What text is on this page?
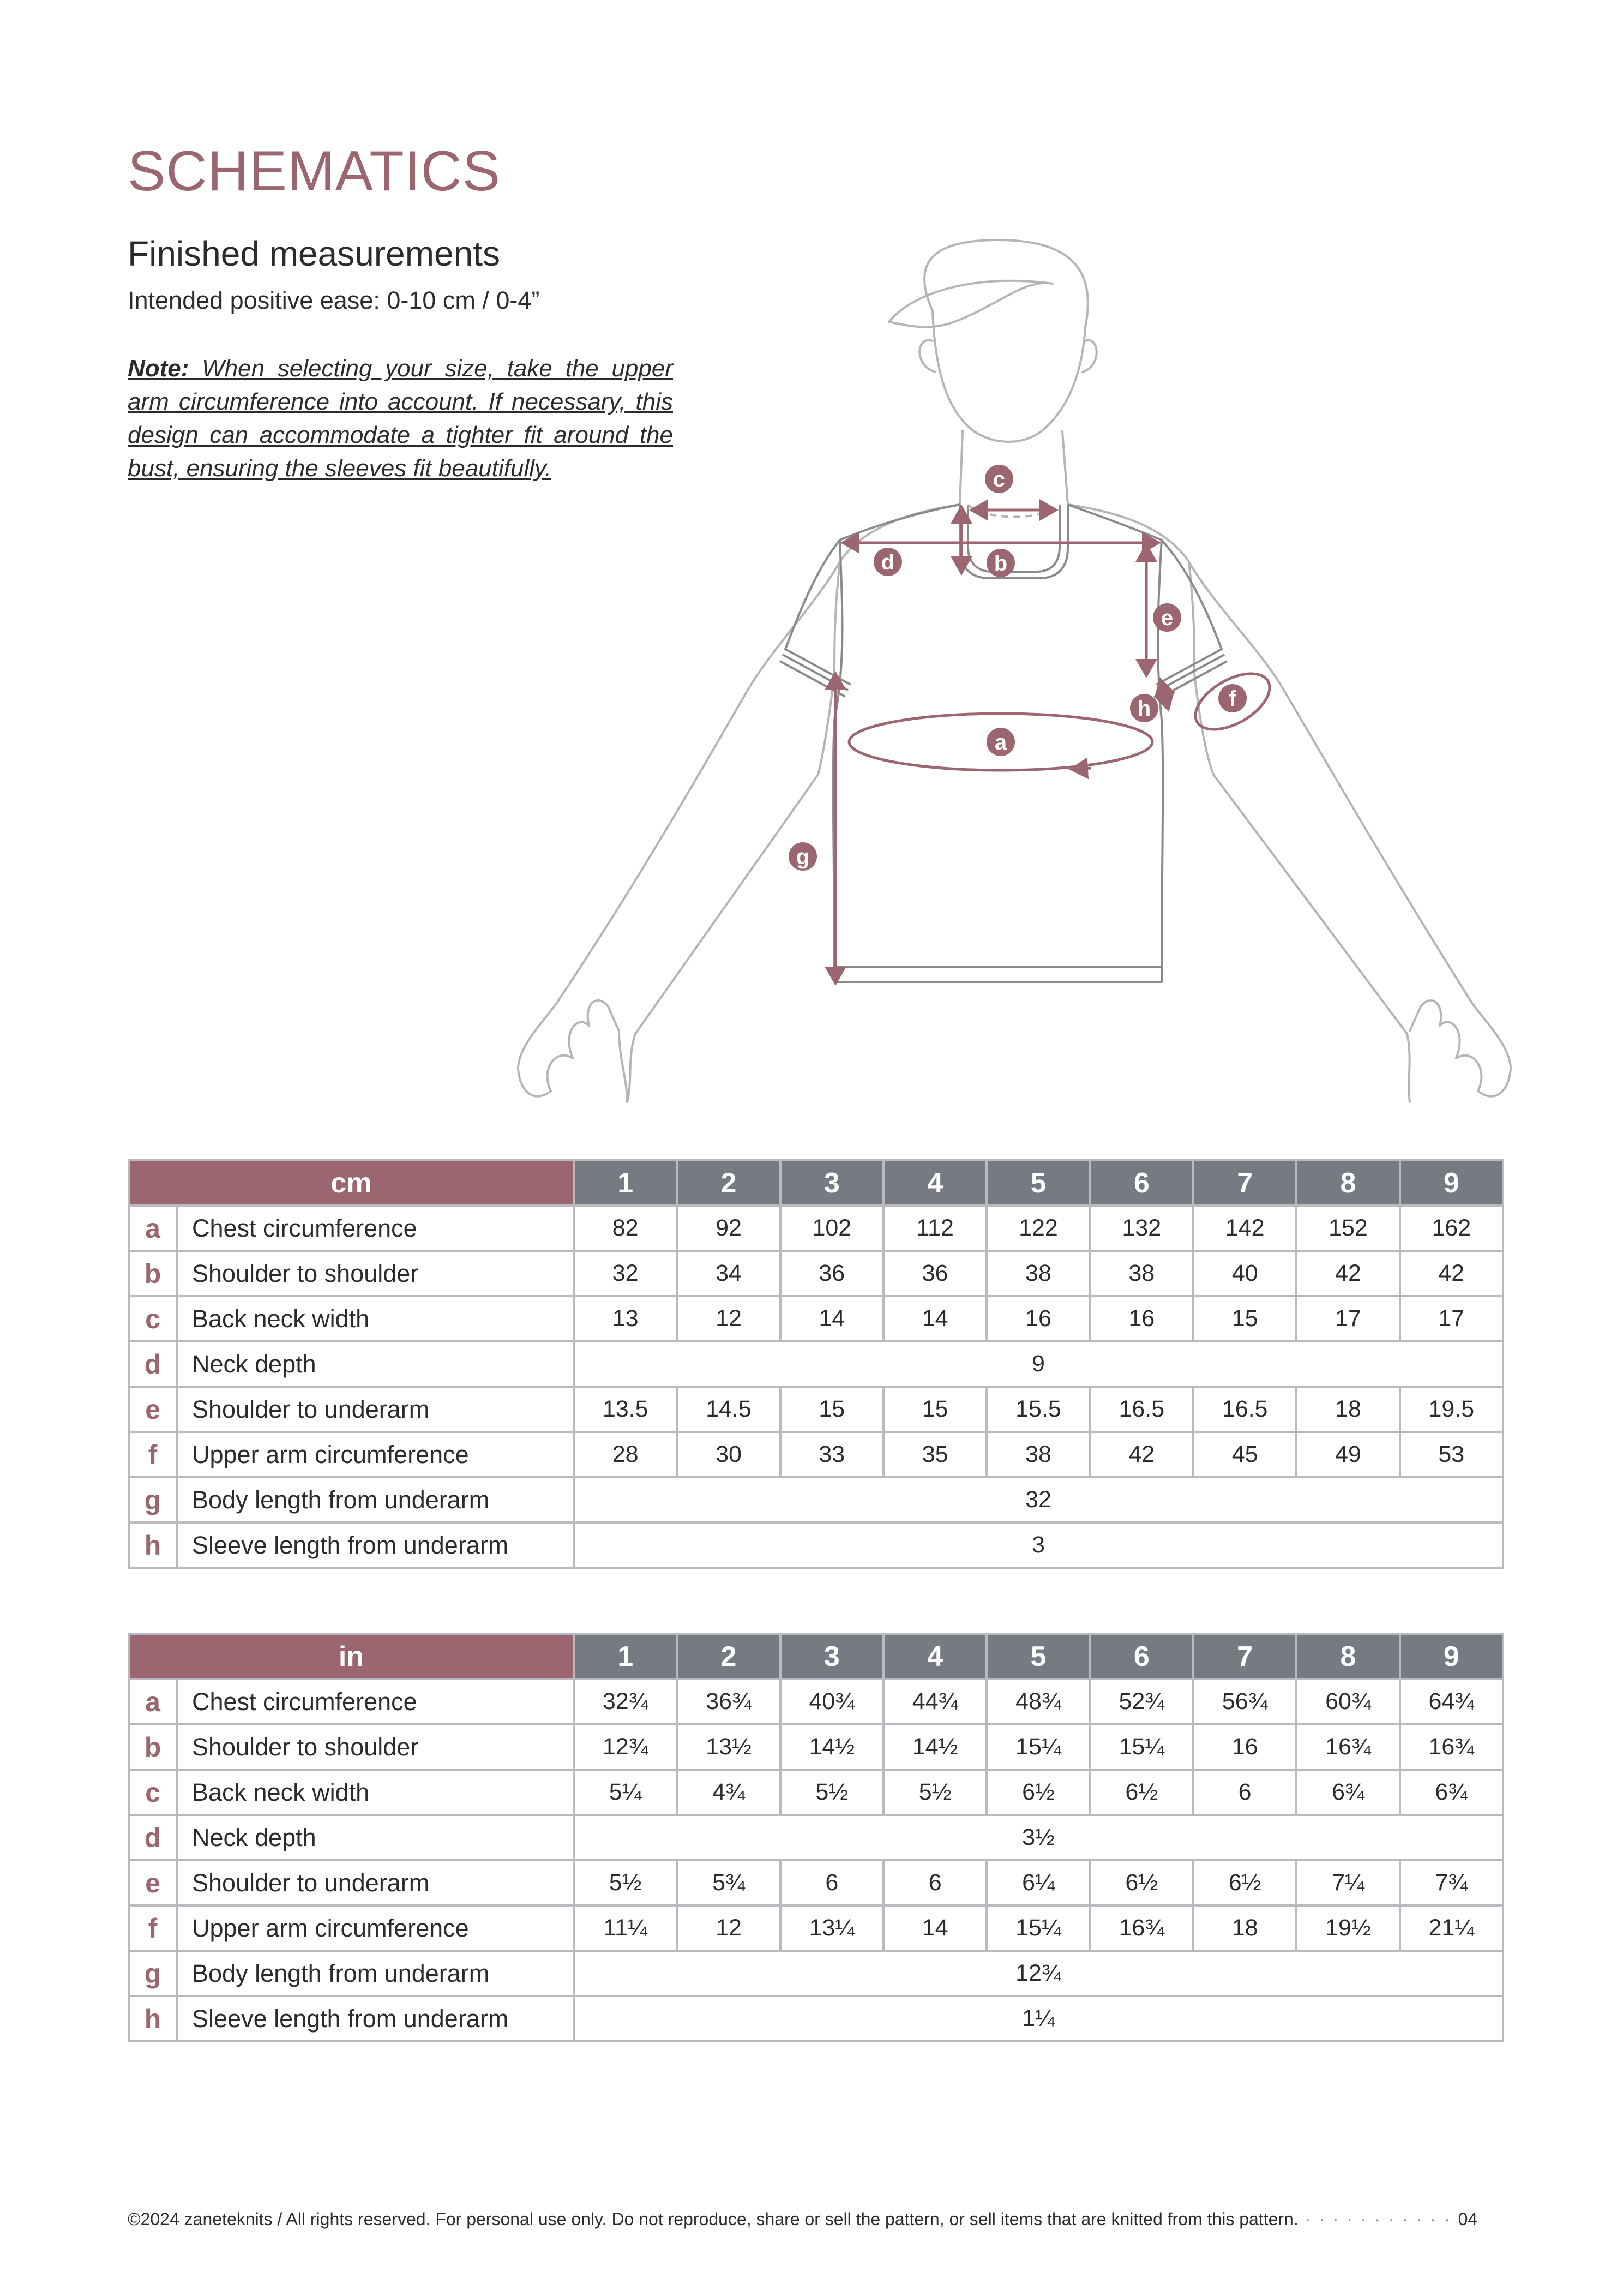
SCHEMATICS
Finished measurements

Intended positive ease: 0-10 cm / 0-4”

Note: When selecting your size, take the upper arm circumference into account. If necessary, this design can accommodate a tighter fit around the bust, ensuring the sleeves fit beautifully.

a
b
c
d
e
f
g
h
cm		1	2	3	4	5	6	7	8	9
a	Chest circumference	82	92	102	112	122	132	142	152	162
b	Shoulder to shoulder	32	34	36	36	38	38	40	42	42
c	Back neck width	13	12	14	14	16	16	15	17	17
d	Neck depth	9								
e	Shoulder to underarm	13.5	14.5	15	15	15.5	16.5	16.5	18	19.5
f	Upper arm circumference	28	30	33	35	38	42	45	49	53
g	Body length from underarm	32								
h	Sleeve length from underarm	3								
in		1	2	3	4	5	6	7	8	9
a	Chest circumference	32¾	36¾	40¾	44¾	48¾	52¾	56¾	60¾	64¾
b	Shoulder to shoulder	12¾	13½	14½	14½	15¼	15¼	16	16¾	16¾
c	Back neck width	5¼	4¾	5½	5½	6½	6½	6	6¾	6¾
d	Neck depth	3½								
e	Shoulder to underarm	5½	5¾	6	6	6¼	6½	6½	7¼	7¾
f	Upper arm circumference	11¼	12	13¼	14	15¼	16¾	18	19½	21¼
g	Body length from underarm	12¾								
h	Sleeve length from underarm	1¼								

©2024 zaneteknits / All rights reserved. For personal use only. Do not reproduce, share or sell the pattern, or sell items that are knitted from this pattern. · · · · · · · · · · · 04
